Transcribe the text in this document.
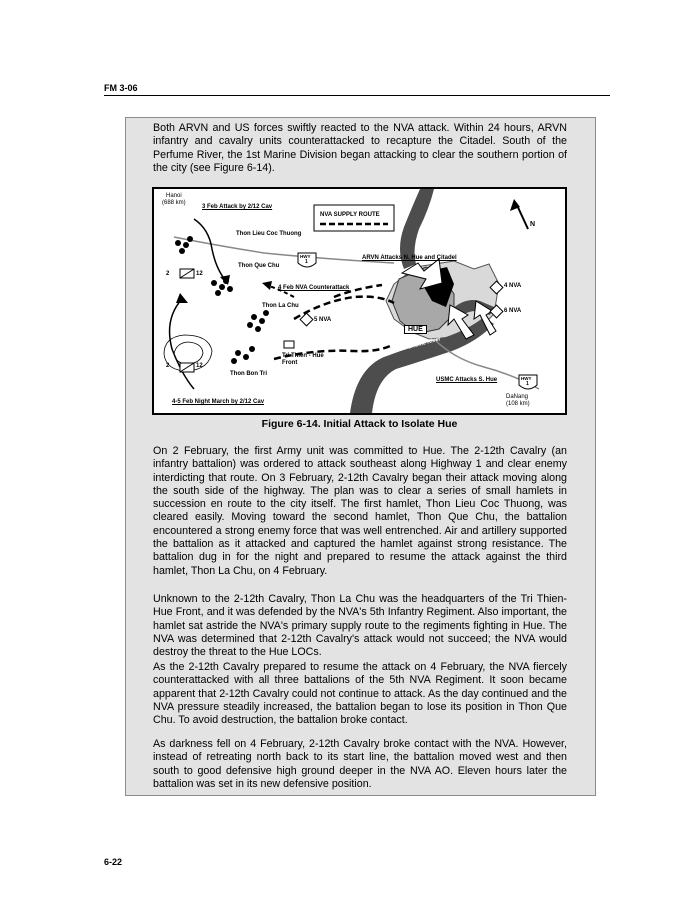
FM 3-06

Both ARVN and US forces swiftly reacted to the NVA attack. Within 24 hours, ARVN infantry and cavalry units counterattacked to recapture the Citadel. South of the Perfume River, the 1st Marine Division began attacking to clear the southern portion of the city (see Figure 6-14).

Hanoi
(688 km)
3 Feb Attack by 2/12 Cav
NVA SUPPLY ROUTE
N
Thon Lieu Coc Thuong
Thon Que Chu
HWY
1
ARVN Attacks N. Hue and Citadel
2	12
4 Feb NVA Counterattack	4 NVA
Thon La Chu
6 NVA
5 NVA
HUE
Perfume River
Tri Thien - Hue
Front
2	12
Thon Bon Tri
USMC Attacks S. Hue	HWY
1
DaNang
(108 km)
4-5 Feb Night March by 2/12 Cav
Figure 6-14. Initial Attack to Isolate Hue

On 2 February, the first Army unit was committed to Hue. The 2-12th Cavalry (an infantry battalion) was ordered to attack southeast along Highway 1 and clear enemy interdicting that route. On 3 February, 2-12th Cavalry began their attack moving along the south side of the highway. The plan was to clear a series of small hamlets in succession en route to the city itself. The first hamlet, Thon Lieu Coc Thuong, was cleared easily. Moving toward the second hamlet, Thon Que Chu, the battalion encountered a strong enemy force that was well entrenched. Air and artillery supported the battalion as it attacked and captured the hamlet against strong resistance. The battalion dug in for the night and prepared to resume the attack against the third hamlet, Thon La Chu, on 4 February.

Unknown to the 2-12th Cavalry, Thon La Chu was the headquarters of the Tri Thien-Hue Front, and it was defended by the NVA's 5th Infantry Regiment. Also important, the hamlet sat astride the NVA's primary supply route to the regiments fighting in Hue. The NVA was determined that 2-12th Cavalry's attack would not succeed; the NVA would destroy the threat to the Hue LOCs.

As the 2-12th Cavalry prepared to resume the attack on 4 February, the NVA fiercely counterattacked with all three battalions of the 5th NVA Regiment. It soon became apparent that 2-12th Cavalry could not continue to attack. As the day continued and the NVA pressure steadily increased, the battalion began to lose its position in Thon Que Chu. To avoid destruction, the battalion broke contact.

As darkness fell on 4 February, 2-12th Cavalry broke contact with the NVA. However, instead of retreating north back to its start line, the battalion moved west and then south to good defensive high ground deeper in the NVA AO. Eleven hours later the battalion was set in its new defensive position.

6-22
